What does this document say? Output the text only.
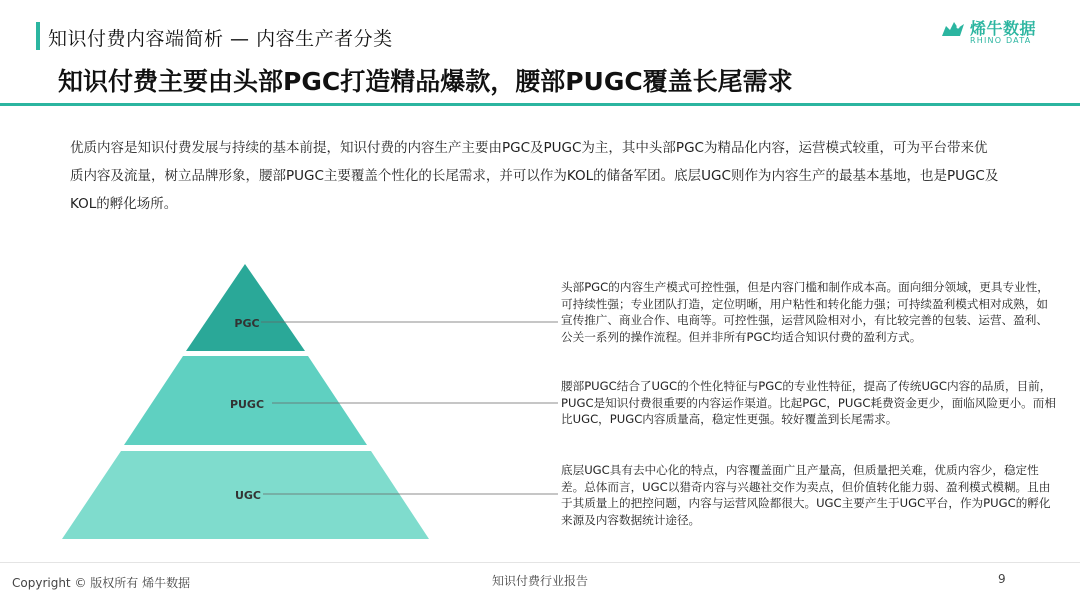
知识付费内容端简析 — 内容生产者分类	烯牛数据
RHINO DATA
知识付费主要由头部PGC打造精品爆款，腰部PUGC覆盖长尾需求
优质内容是知识付费发展与持续的基本前提，知识付费的内容生产主要由PGC及PUGC为主，其中头部PGC为精品化内容，运营模式较重，可为平台带来优质内容及流量，树立品牌形象，腰部PUGC主要覆盖个性化的长尾需求，并可以作为KOL的储备军团。底层UGC则作为内容生产的最基本基地，也是PUGC及KOL的孵化场所。
PGC
PUGC
UGC
头部PGC的内容生产模式可控性强，但是内容门槛和制作成本高。面向细分领域，更具专业性，可持续性强；专业团队打造，定位明晰，用户粘性和转化能力强；可持续盈利模式相对成熟，如宣传推广、商业合作、电商等。可控性强，运营风险相对小，有比较完善的包装、运营、盈利、公关一系列的操作流程。但并非所有PGC均适合知识付费的盈利方式。
腰部PUGC结合了UGC的个性化特征与PGC的专业性特征，提高了传统UGC内容的品质，目前，PUGC是知识付费很重要的内容运作渠道。比起PGC，PUGC耗费资金更少，面临风险更小。而相比UGC，PUGC内容质量高，稳定性更强。较好覆盖到长尾需求。
底层UGC具有去中心化的特点，内容覆盖面广且产量高，但质量把关难，优质内容少，稳定性差。总体而言，UGC以猎奇内容与兴趣社交作为卖点，但价值转化能力弱、盈利模式模糊。且由于其质量上的把控问题，内容与运营风险都很大。UGC主要产生于UGC平台，作为PUGC的孵化来源及内容数据统计途径。
Copyright © 版权所有 烯牛数据	知识付费行业报告	9
